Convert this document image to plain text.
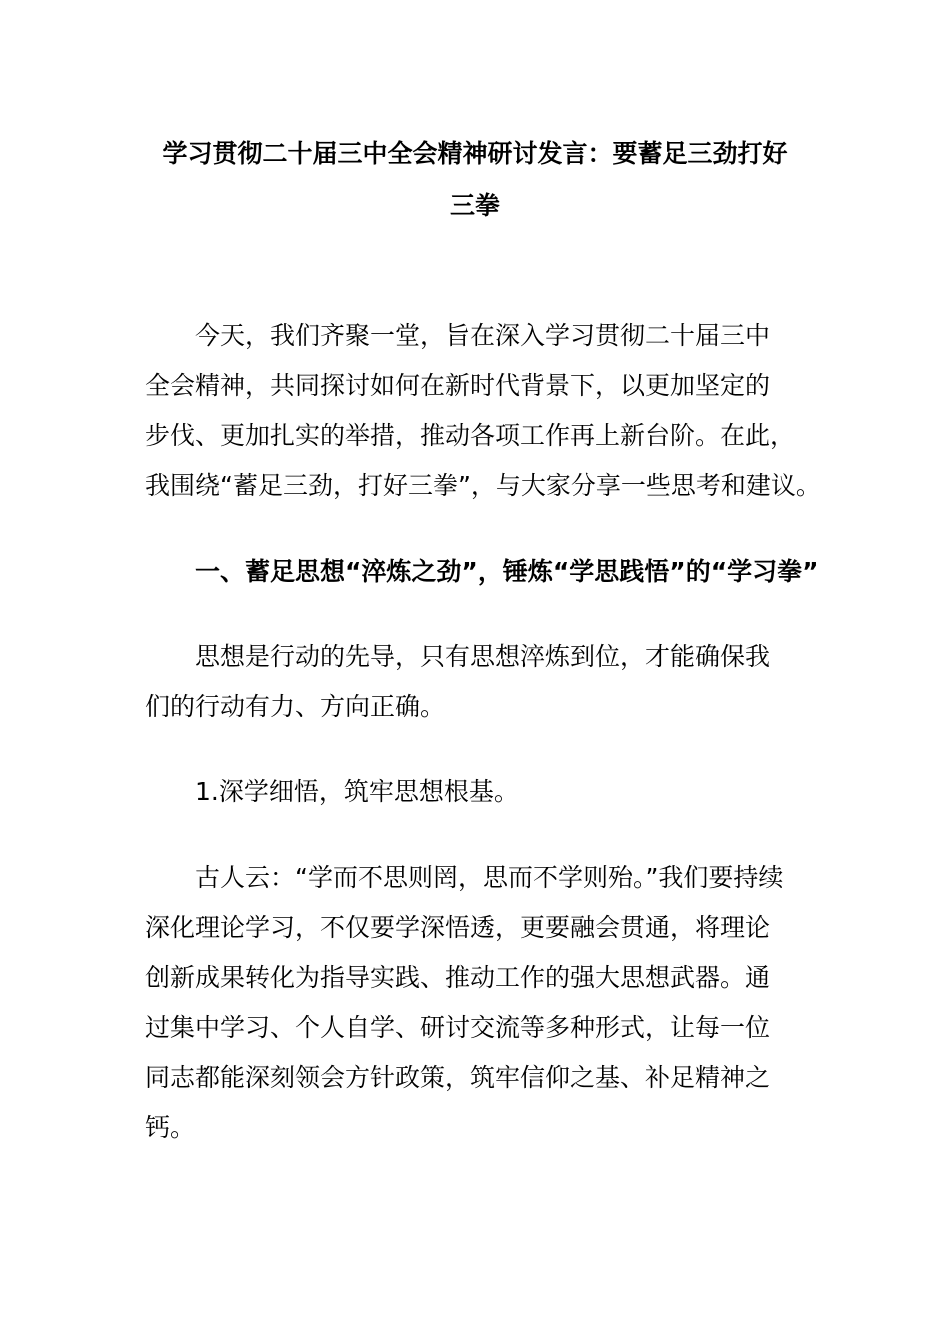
学习贯彻二十届三中全会精神研讨发言：要蓄足三劲打好
三拳

今天，我们齐聚一堂，旨在深入学习贯彻二十届三中
全会精神，共同探讨如何在新时代背景下，以更加坚定的
步伐、更加扎实的举措，推动各项工作再上新台阶。在此，
我围绕“蓄足三劲，打好三拳”，与大家分享一些思考和建议。

一、蓄足思想“淬炼之劲”，锤炼“学思践悟”的“学习拳”

思想是行动的先导，只有思想淬炼到位，才能确保我
们的行动有力、方向正确。

1.深学细悟，筑牢思想根基。

古人云：“学而不思则罔，思而不学则殆。”我们要持续
深化理论学习，不仅要学深悟透，更要融会贯通，将理论
创新成果转化为指导实践、推动工作的强大思想武器。通
过集中学习、个人自学、研讨交流等多种形式，让每一位
同志都能深刻领会方针政策，筑牢信仰之基、补足精神之
钙。
